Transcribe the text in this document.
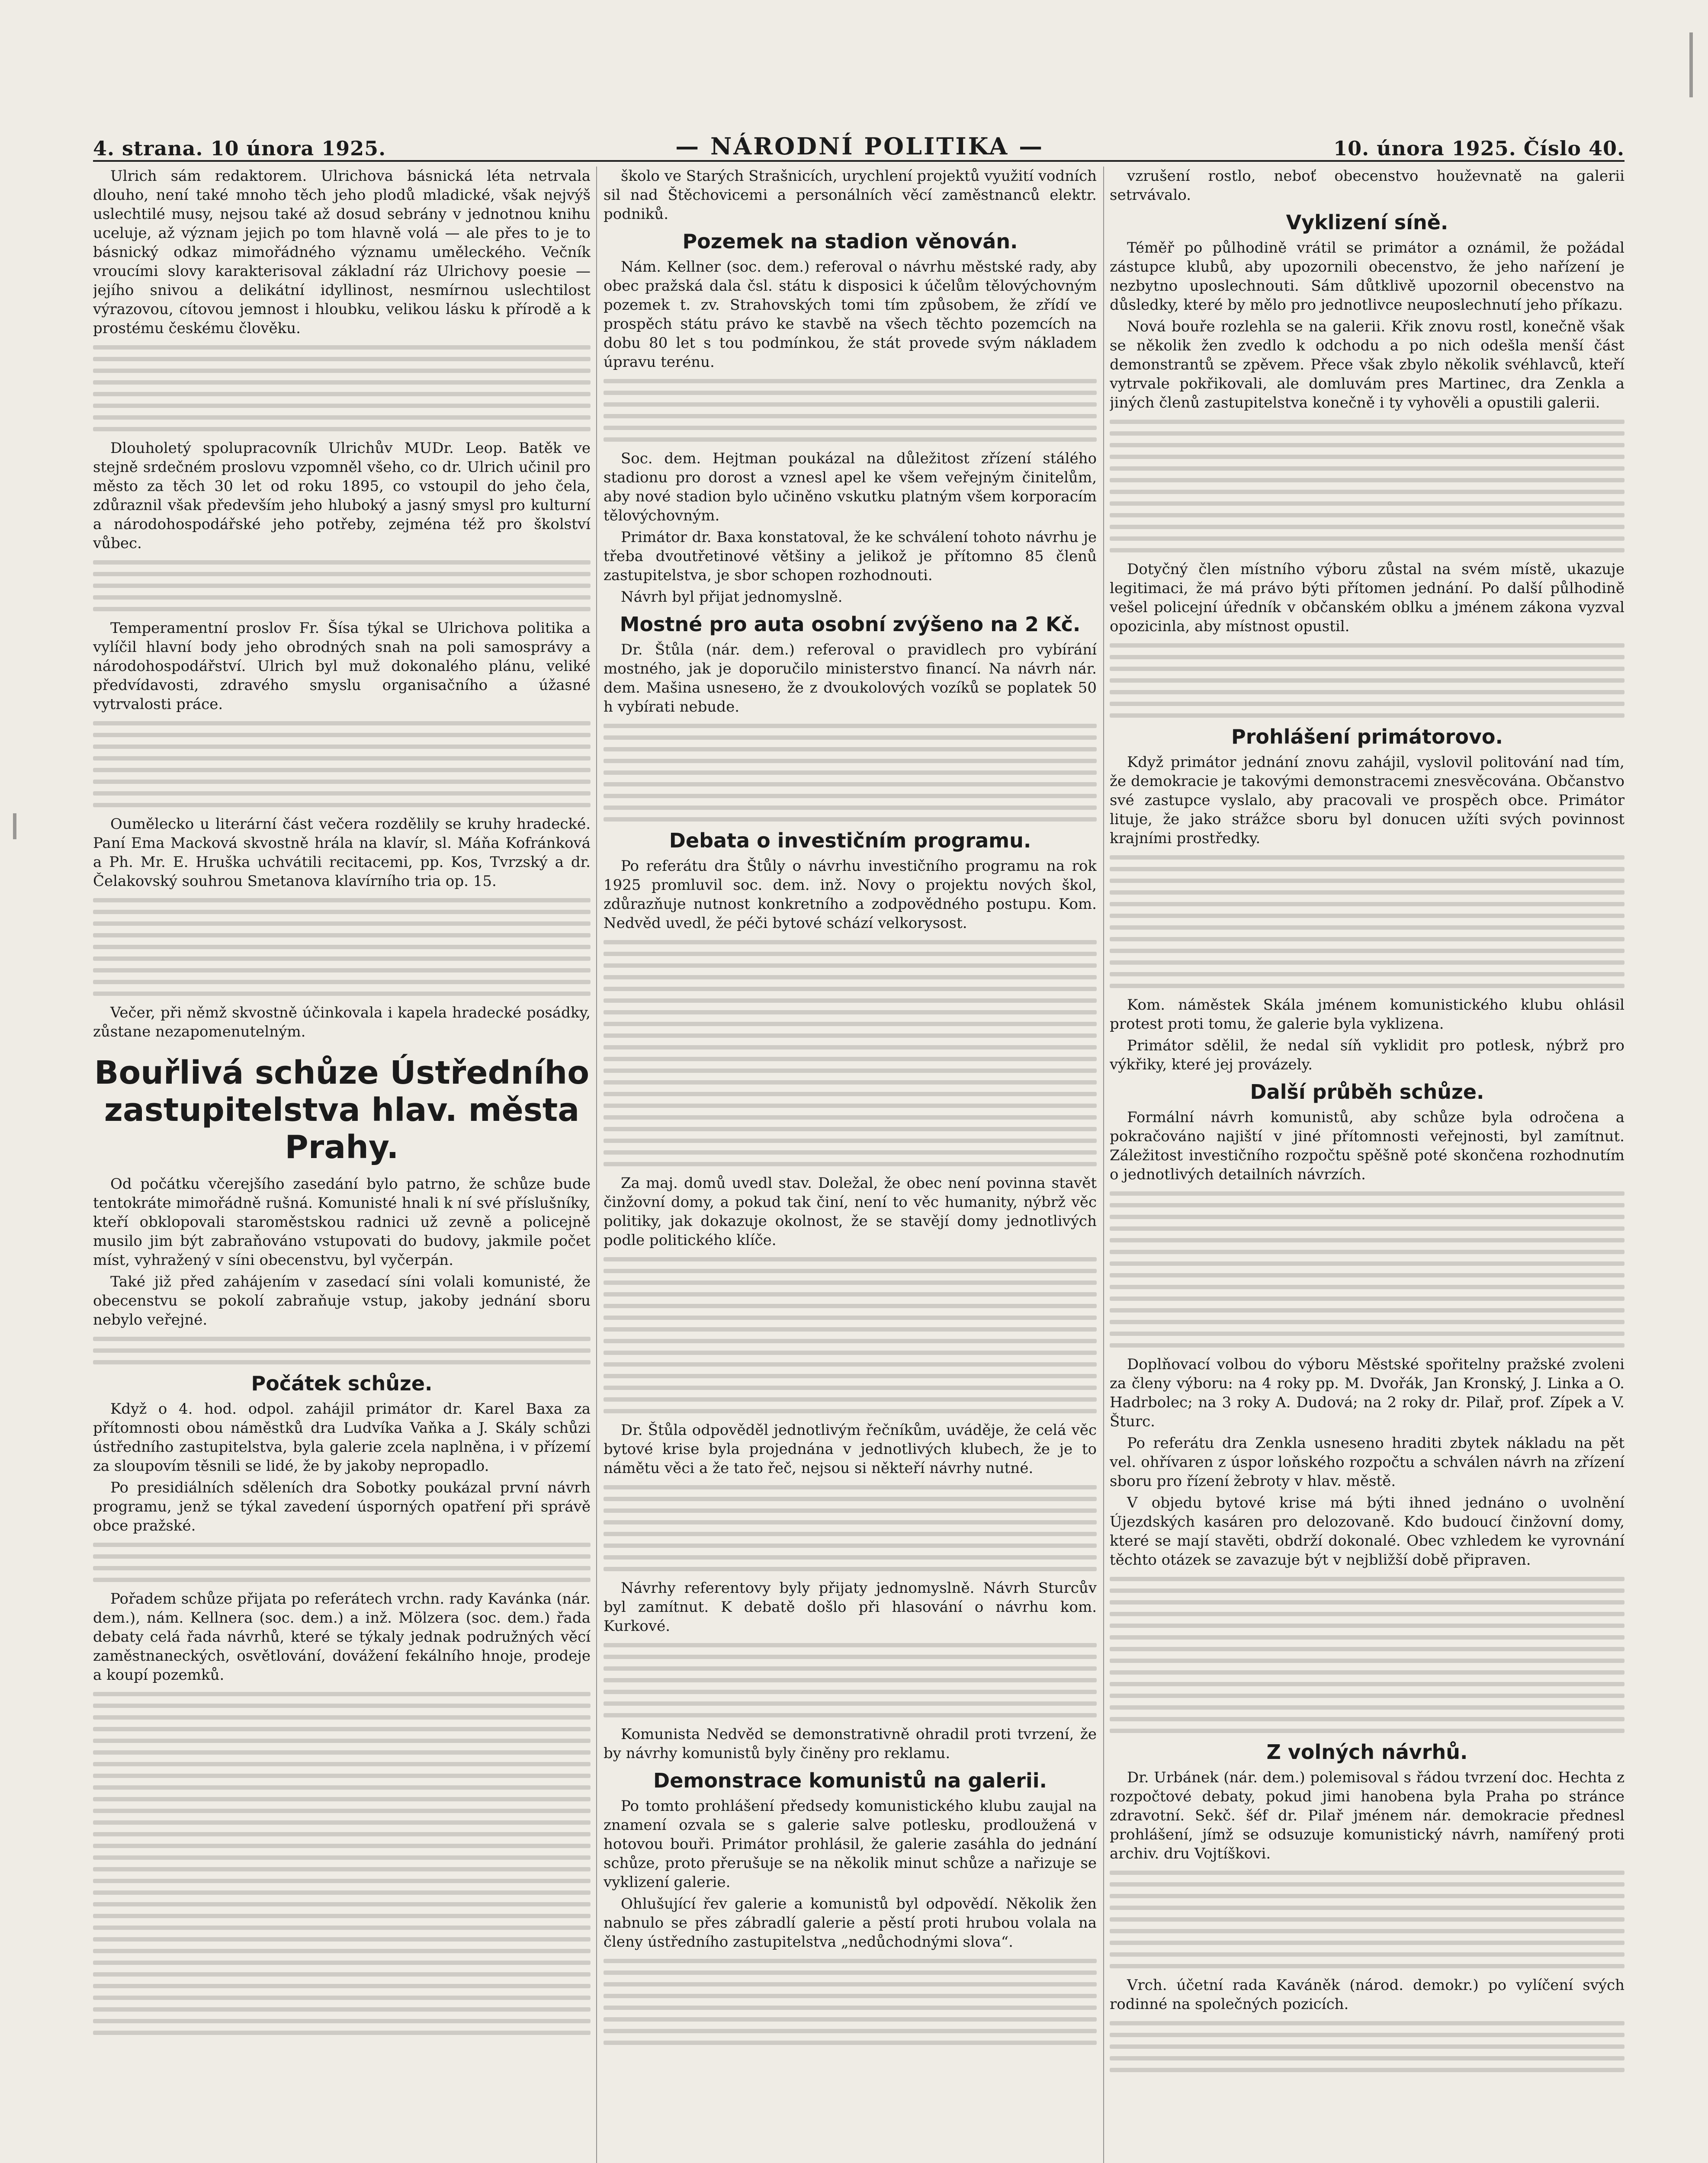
4. strana. 10 února 1925.	— NÁRODNÍ POLITIKA —	10. února 1925. Číslo 40.

Ulrich sám redaktorem. Ulrichova básnická léta netrvala dlouho, není také mnoho těch jeho plodů mladické, však nejvýš uslechtilé musy, nejsou také až dosud sebrány v jednotnou knihu uceluje, až význam jejich po tom hlavně volá — ale přes to je to básnický odkaz mimořádného významu uměleckého. Večník vroucími slovy karakterisoval základní ráz Ulrichovy poesie — jejího snivou a delikátní idyllinost, nesmírnou uslechtilost výrazovou, cítovou jemnost i hloubku, velikou lásku k přírodě a k prostému českému člověku.

Dlouholetý spolupracovník Ulrichův MUDr. Leop. Batěk ve stejně srdečném proslovu vzpomněl všeho, co dr. Ulrich učinil pro město za těch 30 let od roku 1895, co vstoupil do jeho čela, zdůraznil však především jeho hluboký a jasný smysl pro kulturní a národohospodářské jeho potřeby, zejména též pro školství vůbec.

Temperamentní proslov Fr. Šísa týkal se Ulrichova politika a vylíčil hlavní body jeho obrodných snah na poli samosprávy a národohospodářství. Ulrich byl muž dokonalého plánu, veliké předvídavosti, zdravého smyslu organisačního a úžasné vytrvalosti práce.

Oumělecko u literární část večera rozdělily se kruhy hradecké. Paní Ema Macková skvostně hrála na klavír, sl. Máňa Kofránková a Ph. Mr. E. Hruška uchvátili recitacemi, pp. Kos, Tvrzský a dr. Čelakovský souhrou Smetanova klavírního tria op. 15.

Večer, při němž skvostně účinkovala i kapela hradecké posádky, zůstane nezapomenutelným.

Bouřlivá schůze Ústředního zastupitelstva hlav. města Prahy.

Od počátku včerejšího zasedání bylo patrno, že schůze bude tentokráte mimořádně rušná. Komunisté hnali k ní své příslušníky, kteří obklopovali staroměstskou radnici už zevně a policejně musilo jim být zabraňováno vstupovati do budovy, jakmile počet míst, vyhražený v síni obecenstvu, byl vyčerpán.

Také již před zahájením v zasedací síni volali komunisté, že obecenstvu se pokolí zabraňuje vstup, jakoby jednání sboru nebylo veřejné.

Počátek schůze.

Když o 4. hod. odpol. zahájil primátor dr. Karel Baxa za přítomnosti obou náměstků dra Ludvíka Vaňka a J. Skály schůzi ústředního zastupitelstva, byla galerie zcela naplněna, i v přízemí za sloupovím těsnili se lidé, že by jakoby nepropadlo.

Po presidiálních sděleních dra Sobotky poukázal první návrh programu, jenž se týkal zavedení úsporných opatření při správě obce pražské.

Pořadem schůze přijata po referátech vrchn. rady Kavánka (nár. dem.), nám. Kellnera (soc. dem.) a inž. Mölzera (soc. dem.) řada debaty celá řada návrhů, které se týkaly jednak podružných věcí zaměstnaneckých, osvětlování, dovážení fekálního hnoje, prodeje a koupí pozemků.

školo ve Starých Strašnicích, urychlení projektů využití vodních sil nad Štěchovicemi a personálních věcí zaměstnanců elektr. podniků.

Pozemek na stadion věnován.

Nám. Kellner (soc. dem.) referoval o návrhu městské rady, aby obec pražská dala čsl. státu k disposici k účelům tělovýchovným pozemek t. zv. Strahovských tomi tím způsobem, že zřídí ve prospěch státu právo ke stavbě na všech těchto pozemcích na dobu 80 let s tou podmínkou, že stát provede svým nákladem úpravu terénu.

Soc. dem. Hejtman poukázal na důležitost zřízení stálého stadionu pro dorost a vznesl apel ke všem veřejným činitelům, aby nové stadion bylo učiněno vskutku platným všem korporacím tělovýchovným.

Primátor dr. Baxa konstatoval, že ke schválení tohoto návrhu je třeba dvoutřetinové většiny a jelikož je přítomno 85 členů zastupitelstva, je sbor schopen rozhodnouti.

Návrh byl přijat jednomyslně.

Mostné pro auta osobní zvýšeno na 2 Kč.

Dr. Štůla (nár. dem.) referoval o pravidlech pro vybírání mostného, jak je doporučilo ministerstvo financí. Na návrh nár. dem. Mašina usnesено, že z dvoukolových vozíků se poplatek 50 h vybírati nebude.

Debata o investičním programu.

Po referátu dra Štůly o návrhu investičního programu na rok 1925 promluvil soc. dem. inž. Novy o projektu nových škol, zdůrazňuje nutnost konkretního a zodpovědného postupu. Kom. Nedvěd uvedl, že péči bytové schází velkorysost.

Za maj. domů uvedl stav. Doležal, že obec není povinna stavět činžovní domy, a pokud tak činí, není to věc humanity, nýbrž věc politiky, jak dokazuje okolnost, že se stavějí domy jednotlivých podle politického klíče.

Dr. Štůla odpověděl jednotlivým řečníkům, uváděje, že celá věc bytové krise byla projednána v jednotlivých klubech, že je to námětu věci a že tato řeč, nejsou si někteří návrhy nutné.

Návrhy referentovy byly přijaty jednomyslně. Návrh Sturcův byl zamítnut. K debatě došlo při hlasování o návrhu kom. Kurkové.

Komunista Nedvěd se demonstrativně ohradil proti tvrzení, že by návrhy komunistů byly činěny pro reklamu.

Demonstrace komunistů na galerii.

Po tomto prohlášení předsedy komunistického klubu zaujal na znamení ozvala se s galerie salve potlesku, prodloužená v hotovou bouři. Primátor prohlásil, že galerie zasáhla do jednání schůze, proto přerušuje se na několik minut schůze a nařizuje se vyklizení galerie.

Ohlušující řev galerie a komunistů byl odpovědí. Několik žen nabnulo se přes zábradlí galerie a pěstí proti hrubou volala na členy ústředního zastupitelstva „nedůchodnými slova“.

vzrušení rostlo, neboť obecenstvo houževnatě na galerii setrvávalo.

Vyklizení síně.

Téměř po půlhodině vrátil se primátor a oznámil, že požádal zástupce klubů, aby upozornili obecenstvo, že jeho nařízení je nezbytno uposlechnouti. Sám důtklivě upozornil obecenstvo na důsledky, které by mělo pro jednotlivce neuposlechnutí jeho příkazu.

Nová bouře rozlehla se na galerii. Křik znovu rostl, konečně však se několik žen zvedlo k odchodu a po nich odešla menší část demonstrantů se zpěvem. Přece však zbylo několik svéhlavců, kteří vytrvale pokřikovali, ale domluvám pres Martinec, dra Zenkla a jiných členů zastupitelstva konečně i ty vyhověli a opustili galerii.

Dotyčný člen místního výboru zůstal na svém místě, ukazuje legitimaci, že má právo býti přítomen jednání. Po další půlhodině vešel policejní úředník v občanském oblku a jménem zákona vyzval opozicinla, aby místnost opustil.

Prohlášení primátorovo.

Když primátor jednání znovu zahájil, vyslovil politování nad tím, že demokracie je takovými demonstracemi znesvěcována. Občanstvo své zastupce vyslalo, aby pracovali ve prospěch obce. Primátor lituje, že jako strážce sboru byl donucen užíti svých povinnost krajními prostředky.

Kom. náměstek Skála jménem komunistického klubu ohlásil protest proti tomu, že galerie byla vyklizena.

Primátor sdělil, že nedal síň vyklidit pro potlesk, nýbrž pro výkřiky, které jej provázely.

Další průběh schůze.

Formální návrh komunistů, aby schůze byla odročena a pokračováno najiští v jiné přítomnosti veřejnosti, byl zamítnut. Záležitost investičního rozpočtu spěšně poté skončena rozhodnutím o jednotlivých detailních návrzích.

Doplňovací volbou do výboru Městské spořitelny pražské zvoleni za členy výboru: na 4 roky pp. M. Dvořák, Jan Kronský, J. Linka a O. Hadrbolec; na 3 roky A. Dudová; na 2 roky dr. Pilař, prof. Zípek a V. Šturc.

Po referátu dra Zenkla usneseno hraditi zbytek nákladu na pět vel. ohřívaren z úspor loňského rozpočtu a schválen návrh na zřízení sboru pro řízení žebroty v hlav. městě.

V objedu bytové krise má býti ihned jednáno o uvolnění Újezdských kasáren pro delozovaně. Kdo budoucí činžovní domy, které se mají stavěti, obdrží dokonalé. Obec vzhledem ke vyrovnání těchto otázek se zavazuje být v nejbližší době připraven.

Z volných návrhů.

Dr. Urbánek (nár. dem.) polemisoval s řádou tvrzení doc. Hechta z rozpočtové debaty, pokud jimi hanobena byla Praha po stránce zdravotní. Sekč. šéf dr. Pilař jménem nár. demokracie přednesl prohlášení, jímž se odsuzuje komunistický návrh, namířený proti archiv. dru Vojtíškovi.

Vrch. účetní rada Kaváněk (národ. demokr.) po vylíčení svých rodinné na společných pozicích.
